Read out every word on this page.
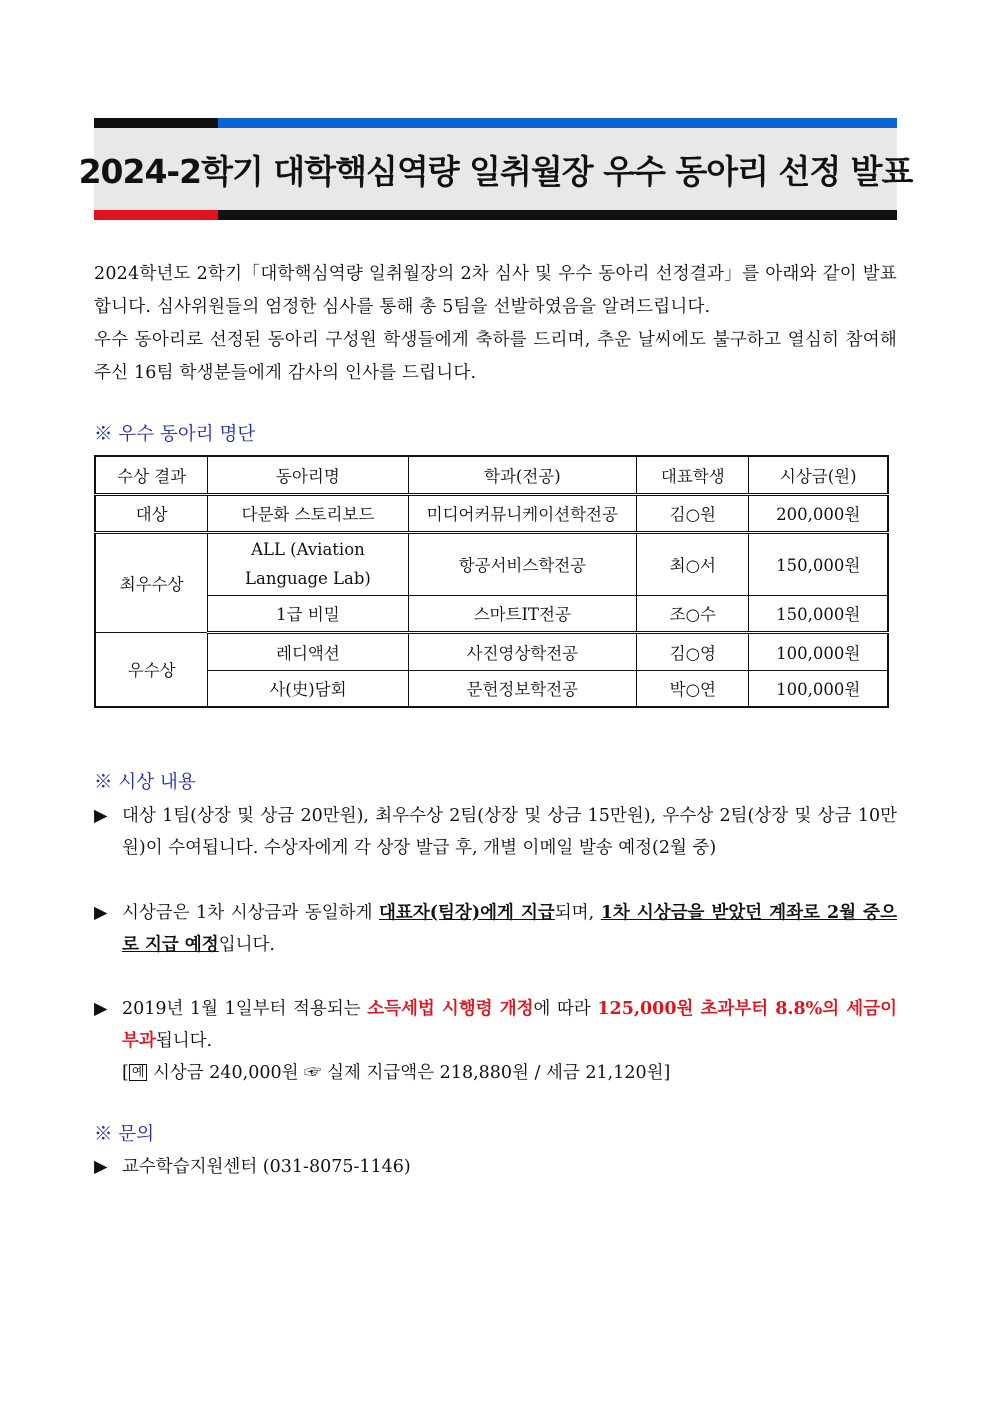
2024-2학기 대학핵심역량 일취월장 우수 동아리 선정 발표

2024학년도 2학기「대학핵심역량 일취월장의 2차 심사 및 우수 동아리 선정결과」를 아래와 같이 발표합니다. 심사위원들의 엄정한 심사를 통해 총 5팀을 선발하였음을 알려드립니다.

우수 동아리로 선정된 동아리 구성원 학생들에게 축하를 드리며, 추운 날씨에도 불구하고 열심히 참여해주신 16팀 학생분들에게 감사의 인사를 드립니다.

※ 우수 동아리 명단
수상 결과	동아리명	학과(전공)	대표학생	시상금(원)
대상	다문화 스토리보드	미디어커뮤니케이션학전공	김○원	200,000원
최우수상	ALL (Aviation
Language Lab)	항공서비스학전공	최○서	150,000원
	1급 비밀	스마트IT전공	조○수	150,000원
우수상	레디액션	사진영상학전공	김○영	100,000원
	사(史)담회	문헌정보학전공	박○연	100,000원
※ 시상 내용
▶ 대상 1팀(상장 및 상금 20만원), 최우수상 2팀(상장 및 상금 15만원), 우수상 2팀(상장 및 상금 10만원)이 수여됩니다. 수상자에게 각 상장 발급 후, 개별 이메일 발송 예정(2월 중)
▶ 시상금은 1차 시상금과 동일하게 대표자(팀장)에게 지급되며, 1차 시상금을 받았던 계좌로 2월 중으로 지급 예정입니다.
▶ 2019년 1월 1일부터 적용되는 소득세법 시행령 개정에 따라 125,000원 초과부터 8.8%의 세금이 부과됩니다.
[ 예 시상금 240,000원 ☞ 실제 지급액은 218,880원 / 세금 21,120원]
※ 문의
▶ 교수학습지원센터 (031-8075-1146)
